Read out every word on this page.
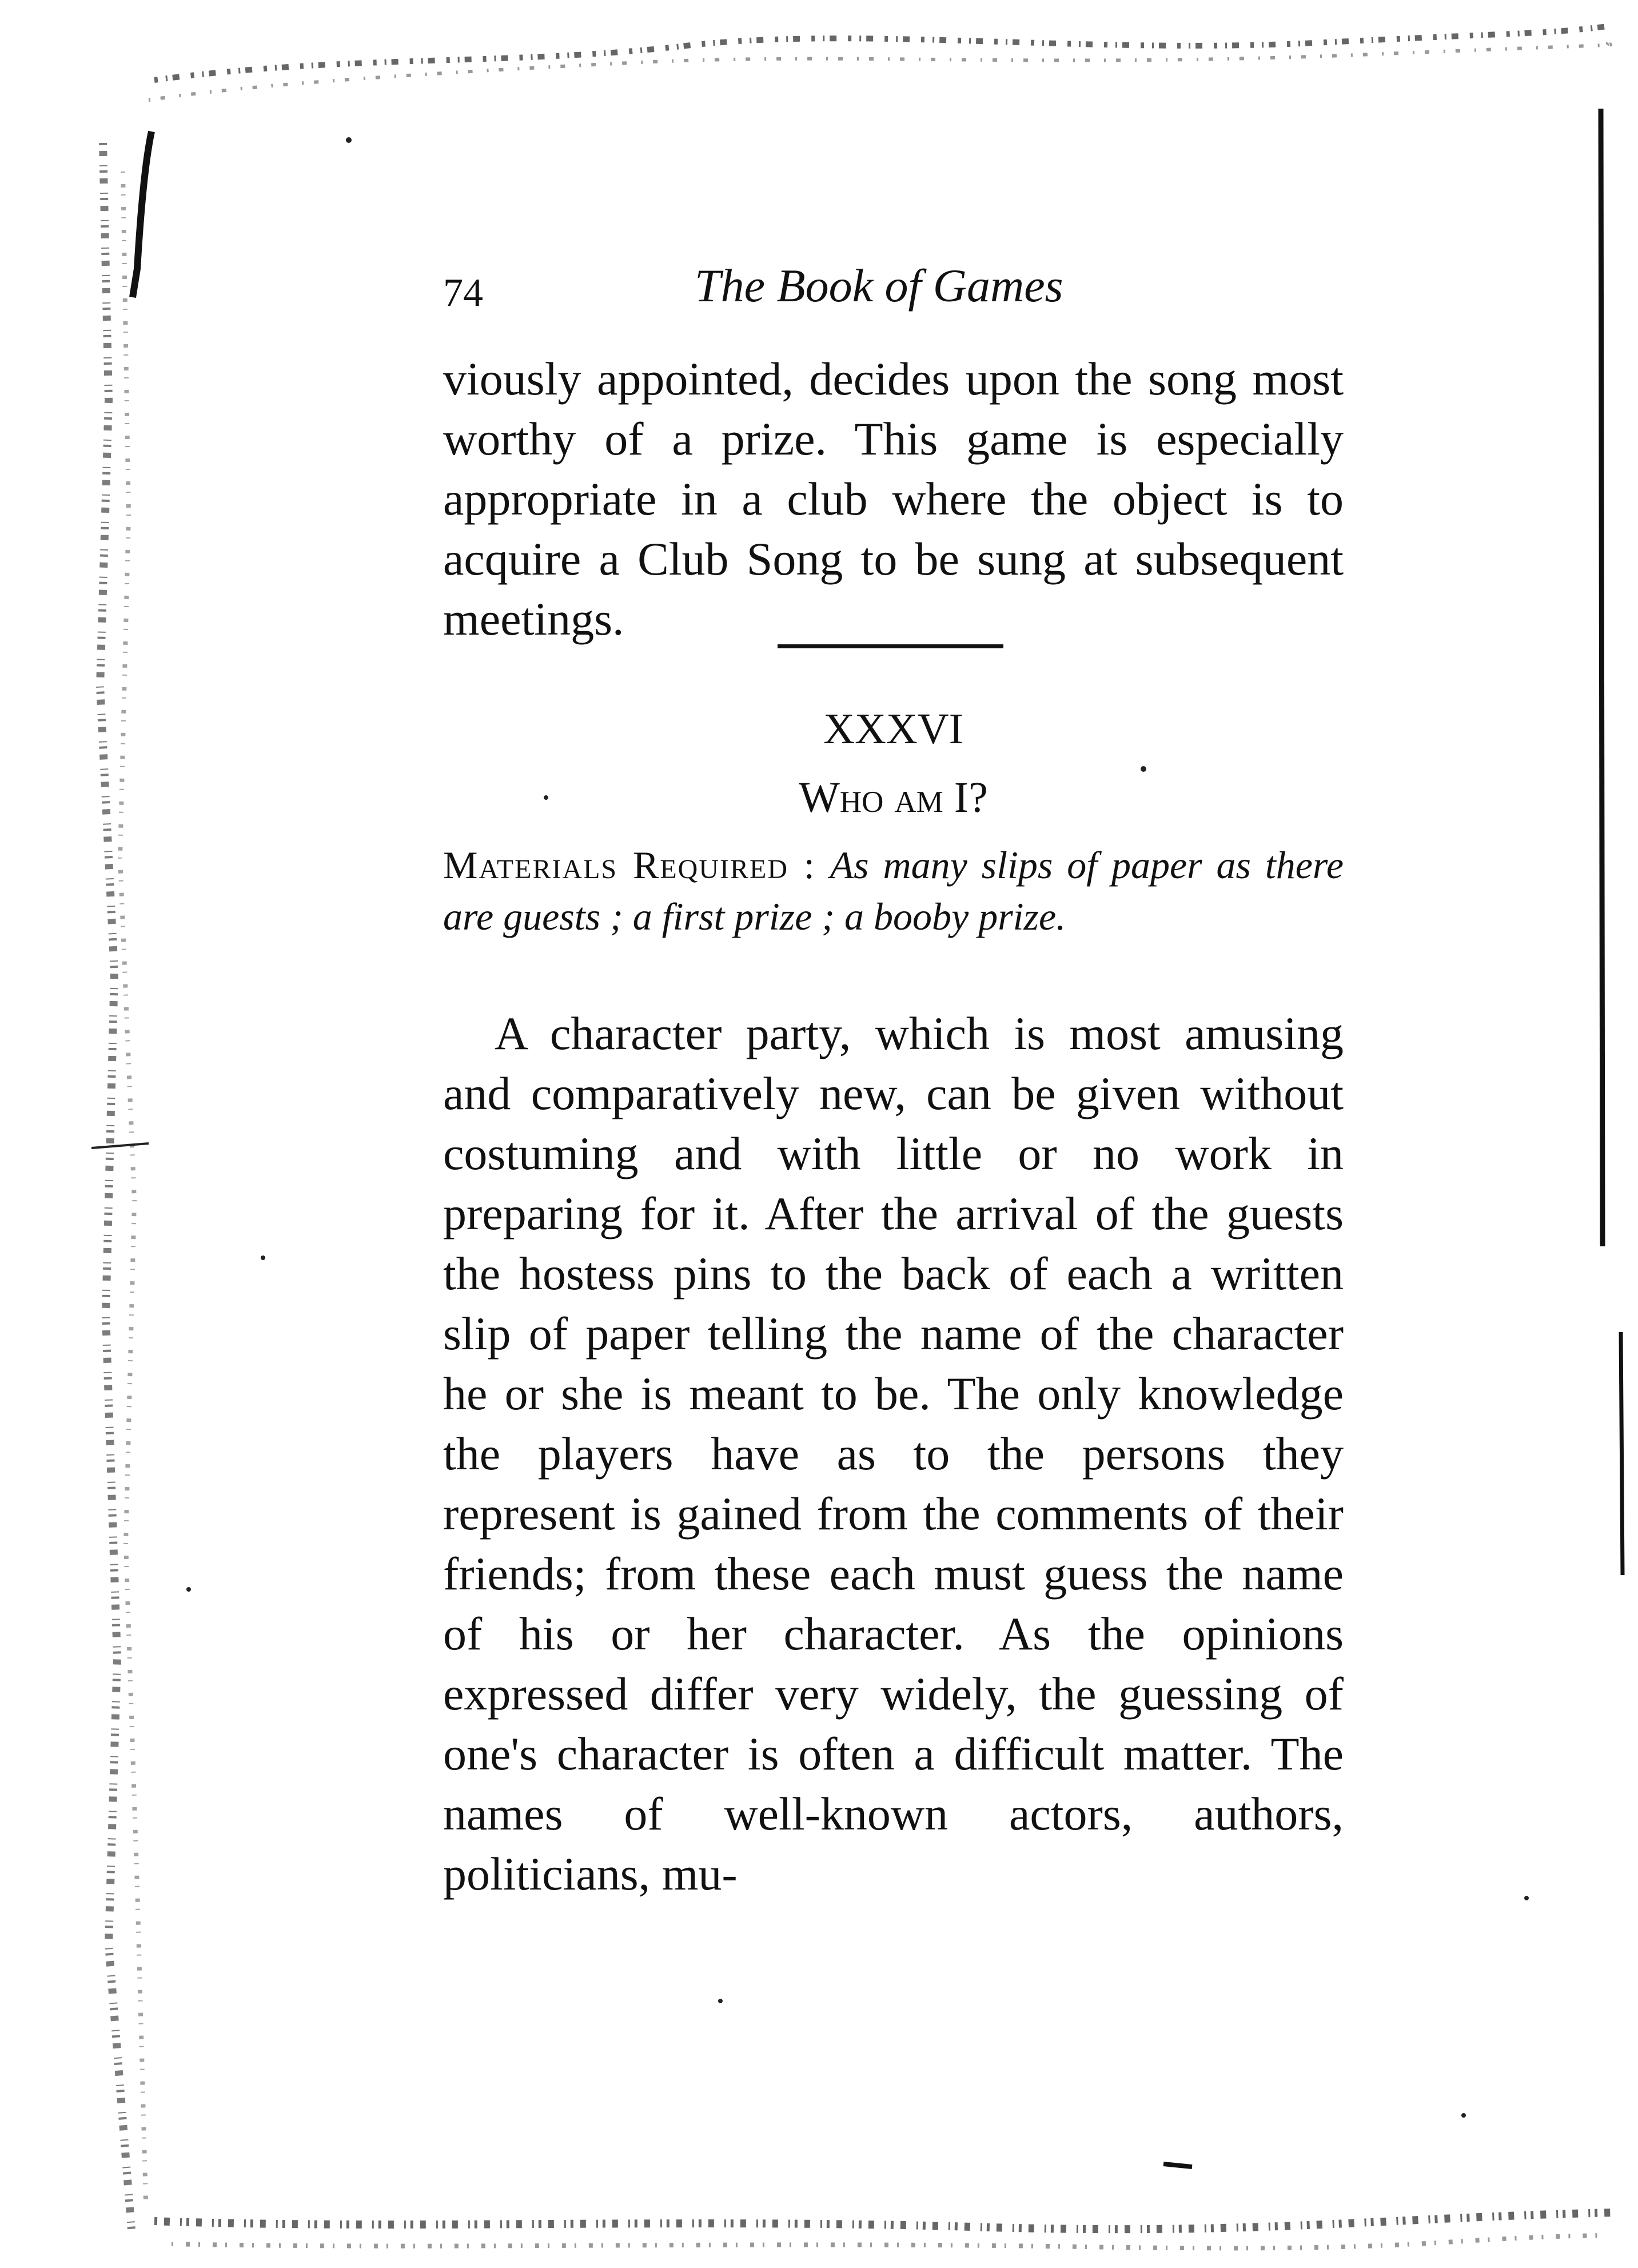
74	The Book of Games

viously appointed, decides upon the song most worthy of a prize. This game is especially appropriate in a club where the object is to acquire a Club Song to be sung at subsequent meetings.

XXXVI
Who am I?

Materials Required : As many slips of paper as there are guests ; a first prize ; a booby prize.

A character party, which is most amusing and comparatively new, can be given without costuming and with little or no work in preparing for it. After the arrival of the guests the hostess pins to the back of each a written slip of paper telling the name of the character he or she is meant to be. The only knowledge the players have as to the persons they represent is gained from the comments of their friends; from these each must guess the name of his or her character. As the opinions expressed differ very widely, the guessing of one's character is often a difficult matter. The names of well-known actors, authors, politicians, mu-
